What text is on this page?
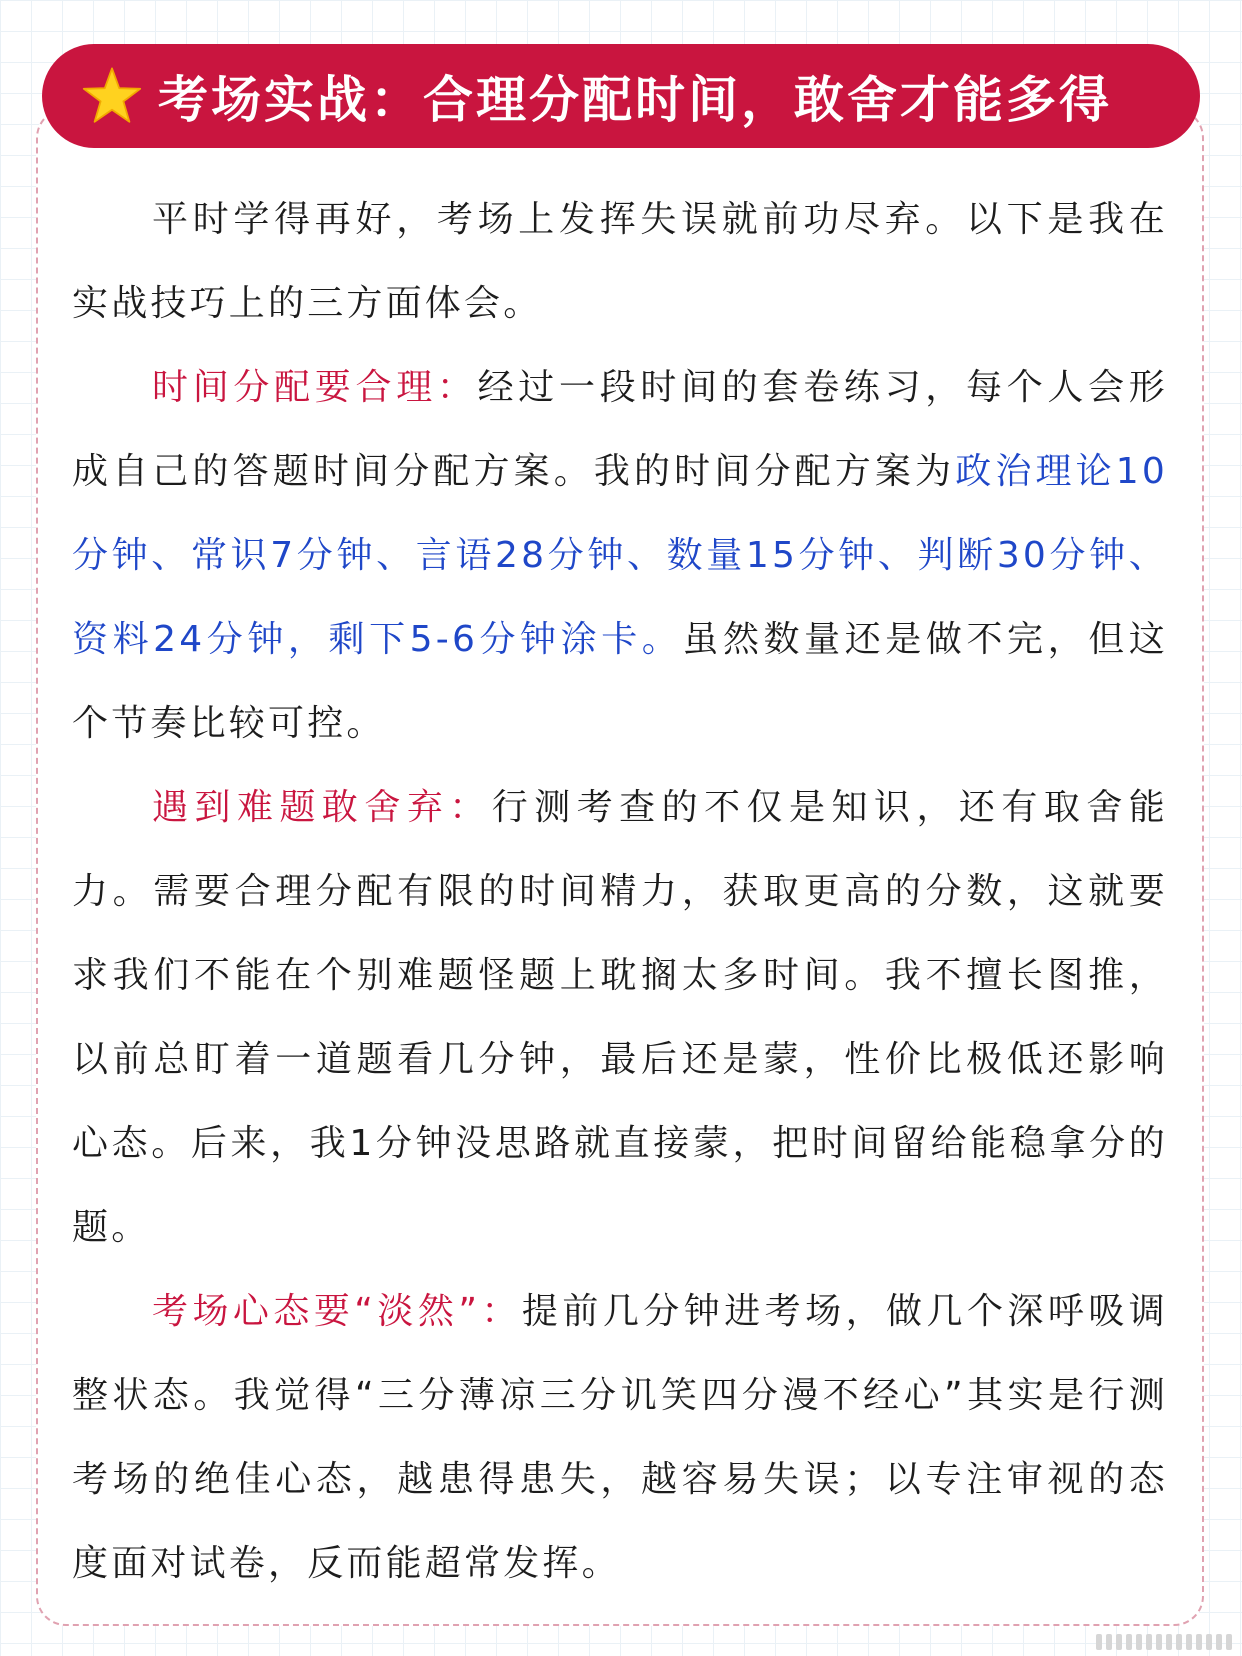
考场实战：合理分配时间，敢舍才能多得

平时学得再好，考场上发挥失误就前功尽弃。以下是我在实战技巧上的三方面体会。

时间分配要合理：经过一段时间的套卷练习，每个人会形成自己的答题时间分配方案。我的时间分配方案为政治理论10分钟、常识7分钟、言语28分钟、数量15分钟、判断30分钟、资料24分钟，剩下5-6分钟涂卡。虽然数量还是做不完，但这个节奏比较可控。

遇到难题敢舍弃：行测考查的不仅是知识，还有取舍能力。需要合理分配有限的时间精力，获取更高的分数，这就要求我们不能在个别难题怪题上耽搁太多时间。我不擅长图推，以前总盯着一道题看几分钟，最后还是蒙，性价比极低还影响心态。后来，我1分钟没思路就直接蒙，把时间留给能稳拿分的题。

考场心态要“淡然”：提前几分钟进考场，做几个深呼吸调整状态。我觉得“三分薄凉三分讥笑四分漫不经心”其实是行测考场的绝佳心态，越患得患失，越容易失误；以专注审视的态度面对试卷，反而能超常发挥。
